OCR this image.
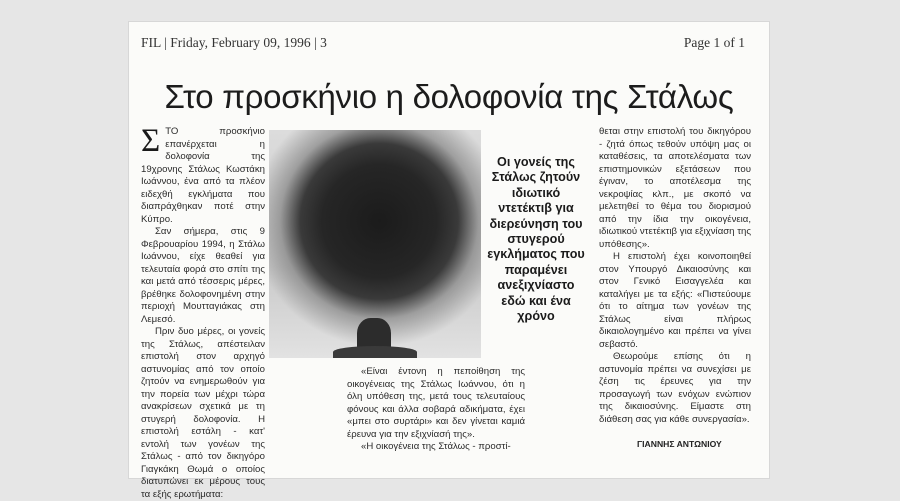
FIL | Friday, February 09, 1996 | 3	Page 1 of 1
Στο προσκήνιο η δολοφονία της Στάλως

ΣΤΟ προσκήνιο επανέρχεται η δολοφονία της 19χρονης Στάλως Κωστάκη Ιωάννου, ένα από τα πλέον ειδεχθή εγκλήματα που διαπράχθηκαν ποτέ στην Κύπρο.

Σαν σήμερα, στις 9 Φεβρουαρίου 1994, η Στάλω Ιωάννου, είχε θεαθεί για τελευταία φορά στο σπίτι της και μετά από τέσσερις μέρες, βρέθηκε δολοφονημένη στην περιοχή Μουτταγιάκας στη Λεμεσό.

Πριν δυο μέρες, οι γονείς της Στάλως, απέστειλαν επιστολή στον αρχηγό αστυνομίας από τον οποίο ζητούν να ενημερωθούν για την πορεία των μέχρι τώρα ανακρίσεων σχετικά με τη στυγερή δολοφονία. Η επιστολή εστάλη - κατ' εντολή των γονέων της Στάλως - από τον δικηγόρο Γιαγκάκη Θωμά ο οποίος διατυπώνει εκ μέρους τους τα εξής ερωτήματα:

Οι γονείς της Στάλως ζητούν ιδιωτικό ντετέκτιβ για διερεύνηση του στυγερού εγκλήματος που παραμένει ανεξιχνίαστο εδώ και ένα χρόνο

«Είναι έντονη η πεποίθηση της οικογένειας της Στάλως Ιωάννου, ότι η όλη υπόθεση της, μετά τους τελευταίους φόνους και άλλα σοβαρά αδικήματα, έχει «μπει στο συρτάρι» και δεν γίνεται καμιά έρευνα για την εξιχνίασή της».

«Η οικογένεια της Στάλως - προστί-

θεται στην επιστολή του δικηγόρου - ζητά όπως τεθούν υπόψη μας οι καταθέσεις, τα αποτελέσματα των επιστημονικών εξετάσεων που έγιναν, το αποτέλεσμα της νεκροψίας κλπ., με σκοπό να μελετηθεί το θέμα του διορισμού από την ίδια την οικογένεια, ιδιωτικού ντετέκτιβ για εξιχνίαση της υπόθεσης».

Η επιστολή έχει κοινοποιηθεί στον Υπουργό Δικαιοσύνης και στον Γενικό Εισαγγελέα και καταλήγει με τα εξής: «Πιστεύουμε ότι το αίτημα των γονέων της Στάλως είναι πλήρως δικαιολογημένο και πρέπει να γίνει σεβαστό.

Θεωρούμε επίσης ότι η αστυνομία πρέπει να συνεχίσει με ζέση τις έρευνες για την προσαγωγή των ενόχων ενώπιον της δικαιοσύνης. Είμαστε στη διάθεση σας για κάθε συνεργασία».

ΓΙΑΝΝΗΣ ΑΝΤΩΝΙΟΥ
